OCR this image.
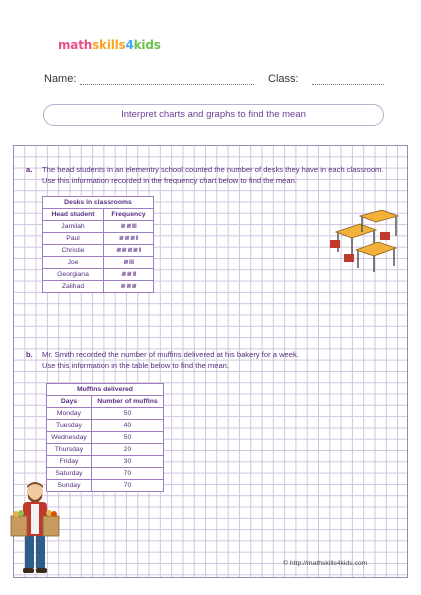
mathskills4kids
Name:	Class:
Interpret charts and graphs to find the mean
a. The head students in an elementry school counted the number of desks they have in each classroom.
Use this information recorded in the frequency chart below to find the mean.
Desks in classrooms	
Head student	Frequency
Jamilah	𝍸 𝍸 IIII
Paul	𝍸 𝍸 𝍸 II
Christie	𝍸 𝍸 𝍸 𝍸 II
Joe	𝍸 IIII
Georgiana	𝍸 𝍸 III
Zalihad	𝍸 𝍸 𝍸
b. Mr. Smith recorded the number of muffins delivered at his bakery for a week.
Use this information in the table below to find the mean.
Muffins delivered	
Days	Number of muffins
Monday	50
Tuesday	40
Wednesday	50
Thursday	20
Friday	30
Saturday	70
Sunday	70
© http://mathskills4kids.com
